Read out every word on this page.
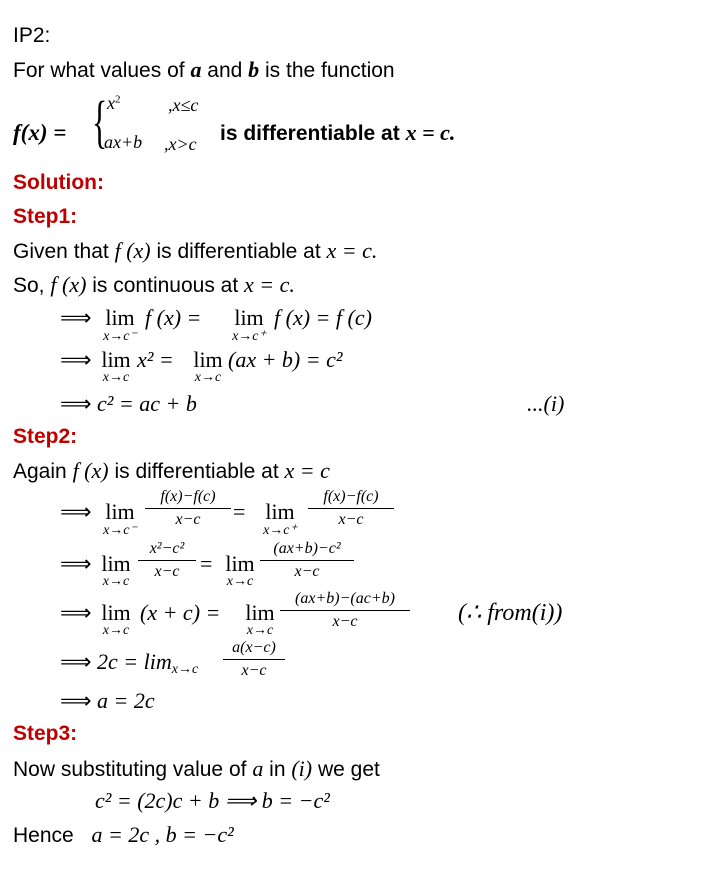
IP2:
For what values of a and b is the function
f(x) = { $x^2$	,x≤c
ax+b ,x>c is differentiable at x = c.
Solution:
Step1:
Given that f (x) is differentiable at x = c.
So, f (x) is continuous at x = c.
⟹ lim
x→c⁻
f (x) =	lim
x→c⁺
f (x) = f (c)
⟹ lim
x→c
x² = lim
x→c
(ax + b) = c²
⟹ c² = ac + b	...(i)
Step2:
Again f (x) is differentiable at x = c
⟹ lim
x→c⁻
f(x)−f(c)
x−c	= lim
x→c⁺
f(x)−f(c)
x−c
⟹ lim
x→c
x²−c²
x−c = lim
x→c
(ax+b)−c²
x−c
⟹ lim
x→c
(x + c) = lim
x→c
(ax+b)−(ac+b)
x−c	(∴ from(i))
⟹ $2c = \lim_{x\to c}$
a(x−c)
x−c
⟹ a = 2c
Step3:
Now substituting value of a in (i) we get
c² = (2c)c + b ⟹ b = −c²
Hence a = 2c , b = −c²
